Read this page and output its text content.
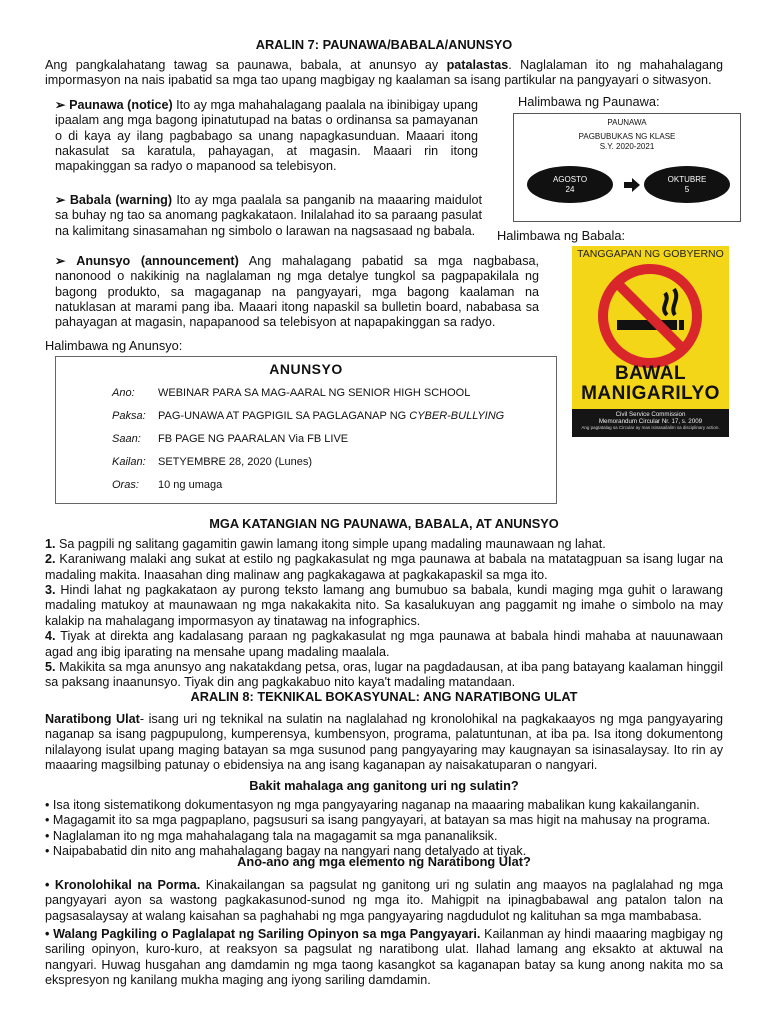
ARALIN 7: PAUNAWA/BABALA/ANUNSYO
Ang pangkalahatang tawag sa paunawa, babala, at anunsyo ay patalastas. Naglalaman ito ng mahahalagang impormasyon na nais ipabatid sa mga tao upang magbigay ng kaalaman sa isang partikular na pangyayari o sitwasyon.
➢ Paunawa (notice) Ito ay mga mahahalagang paalala na ibinibigay upang ipaalam ang mga bagong ipinatutupad na batas o ordinansa sa pamayanan o di kaya ay ilang pagbabago sa unang napagkasunduan. Maaari itong nakasulat sa karatula, pahayagan, at magasin. Maaari rin itong mapakinggan sa radyo o mapanood sa telebisyon.
Halimbawa ng Paunawa:
PAUNAWA
PAGBUBUKAS NG KLASE
S.Y. 2020-2021
AGOSTO
24
OKTUBRE
5
➢ Babala (warning) Ito ay mga paalala sa panganib na maaaring maidulot sa buhay ng tao sa anomang pagkakataon. Inilalahad ito sa paraang pasulat na kalimitang sinasamahan ng simbolo o larawan na nagsasaad ng babala.	Halimbawa ng Babala:
TANGGAPAN NG GOBYERNO
BAWAL
MANIGARILYO
Civil Service Commission
Memorandum Circular Nr. 17, s. 2009
Ang pagtatalag sa Circular ay mas isinasailalim sa disciplinary action.
➢ Anunsyo (announcement) Ang mahalagang pabatid sa mga nagbabasa, nanonood o nakikinig na naglalaman ng mga detalye tungkol sa pagpapakilala ng bagong produkto, sa magaganap na pangyayari, mga bagong kaalaman na natuklasan at marami pang iba. Maaari itong napaskil sa bulletin board, nababasa sa pahayagan at magasin, napapanood sa telebisyon at napapakinggan sa radyo.
Halimbawa ng Anunsyo:
ANUNSYO
Ano:	WEBINAR PARA SA MAG-AARAL NG SENIOR HIGH SCHOOL
Paksa:	PAG-UNAWA AT PAGPIGIL SA PAGLAGANAP NG CYBER-BULLYING
Saan:	FB PAGE NG PAARALAN Via FB LIVE
Kailan:	SETYEMBRE 28, 2020 (Lunes)
Oras:	10 ng umaga
MGA KATANGIAN NG PAUNAWA, BABALA, AT ANUNSYO

1. Sa pagpili ng salitang gagamitin gawin lamang itong simple upang madaling maunawaan ng lahat.

2. Karaniwang malaki ang sukat at estilo ng pagkakasulat ng mga paunawa at babala na matatagpuan sa isang lugar na madaling makita. Inaasahan ding malinaw ang pagkakagawa at pagkakapaskil sa mga ito.

3. Hindi lahat ng pagkakataon ay purong teksto lamang ang bumubuo sa babala, kundi maging mga guhit o larawang madaling matukoy at maunawaan ng mga nakakakita nito. Sa kasalukuyan ang paggamit ng imahe o simbolo na may kalakip na mahalagang impormasyon ay tinatawag na infographics.

4. Tiyak at direkta ang kadalasang paraan ng pagkakasulat ng mga paunawa at babala hindi mahaba at nauunawaan agad ang ibig iparating na mensahe upang madaling maalala.

5. Makikita sa mga anunsyo ang nakatakdang petsa, oras, lugar na pagdadausan, at iba pang batayang kaalaman hinggil sa paksang inaanunsyo. Tiyak din ang pagkakabuo nito kaya't madaling matandaan.

ARALIN 8: TEKNIKAL BOKASYUNAL: ANG NARATIBONG ULAT
Naratibong Ulat- isang uri ng teknikal na sulatin na naglalahad ng kronolohikal na pagkakaayos ng mga pangyayaring naganap sa isang pagpupulong, kumperensya, kumbensyon, programa, palatuntunan, at iba pa. Isa itong dokumentong nilalayong isulat upang maging batayan sa mga susunod pang pangyayaring may kaugnayan sa isinasalaysay. Ito rin ay maaaring magsilbing patunay o ebidensiya na ang isang kaganapan ay naisakatuparan o nangyari.
Bakit mahalaga ang ganitong uri ng sulatin?
• Isa itong sistematikong dokumentasyon ng mga pangyayaring naganap na maaaring mabalikan kung kakailanganin.
• Magagamit ito sa mga pagpaplano, pagsusuri sa isang pangyayari, at batayan sa mas higit na mahusay na programa.
• Naglalaman ito ng mga mahahalagang tala na magagamit sa mga pananaliksik.
• Naipababatid din nito ang mahahalagang bagay na nangyari nang detalyado at tiyak.
Ano-ano ang mga elemento ng Naratibong Ulat?
• Kronolohikal na Porma. Kinakailangan sa pagsulat ng ganitong uri ng sulatin ang maayos na paglalahad ng mga pangyayari ayon sa wastong pagkakasunod-sunod ng mga ito. Mahigpit na ipinagbabawal ang patalon talon na pagsasalaysay at walang kaisahan sa paghahabi ng mga pangyayaring nagdudulot ng kalituhan sa mga mambabasa.
• Walang Pagkiling o Paglalapat ng Sariling Opinyon sa mga Pangyayari. Kailanman ay hindi maaaring magbigay ng sariling opinyon, kuro-kuro, at reaksyon sa pagsulat ng naratibong ulat. Ilahad lamang ang eksakto at aktuwal na nangyari. Huwag husgahan ang damdamin ng mga taong kasangkot sa kaganapan batay sa kung anong nakita mo sa ekspresyon ng kanilang mukha maging ang iyong sariling damdamin.
